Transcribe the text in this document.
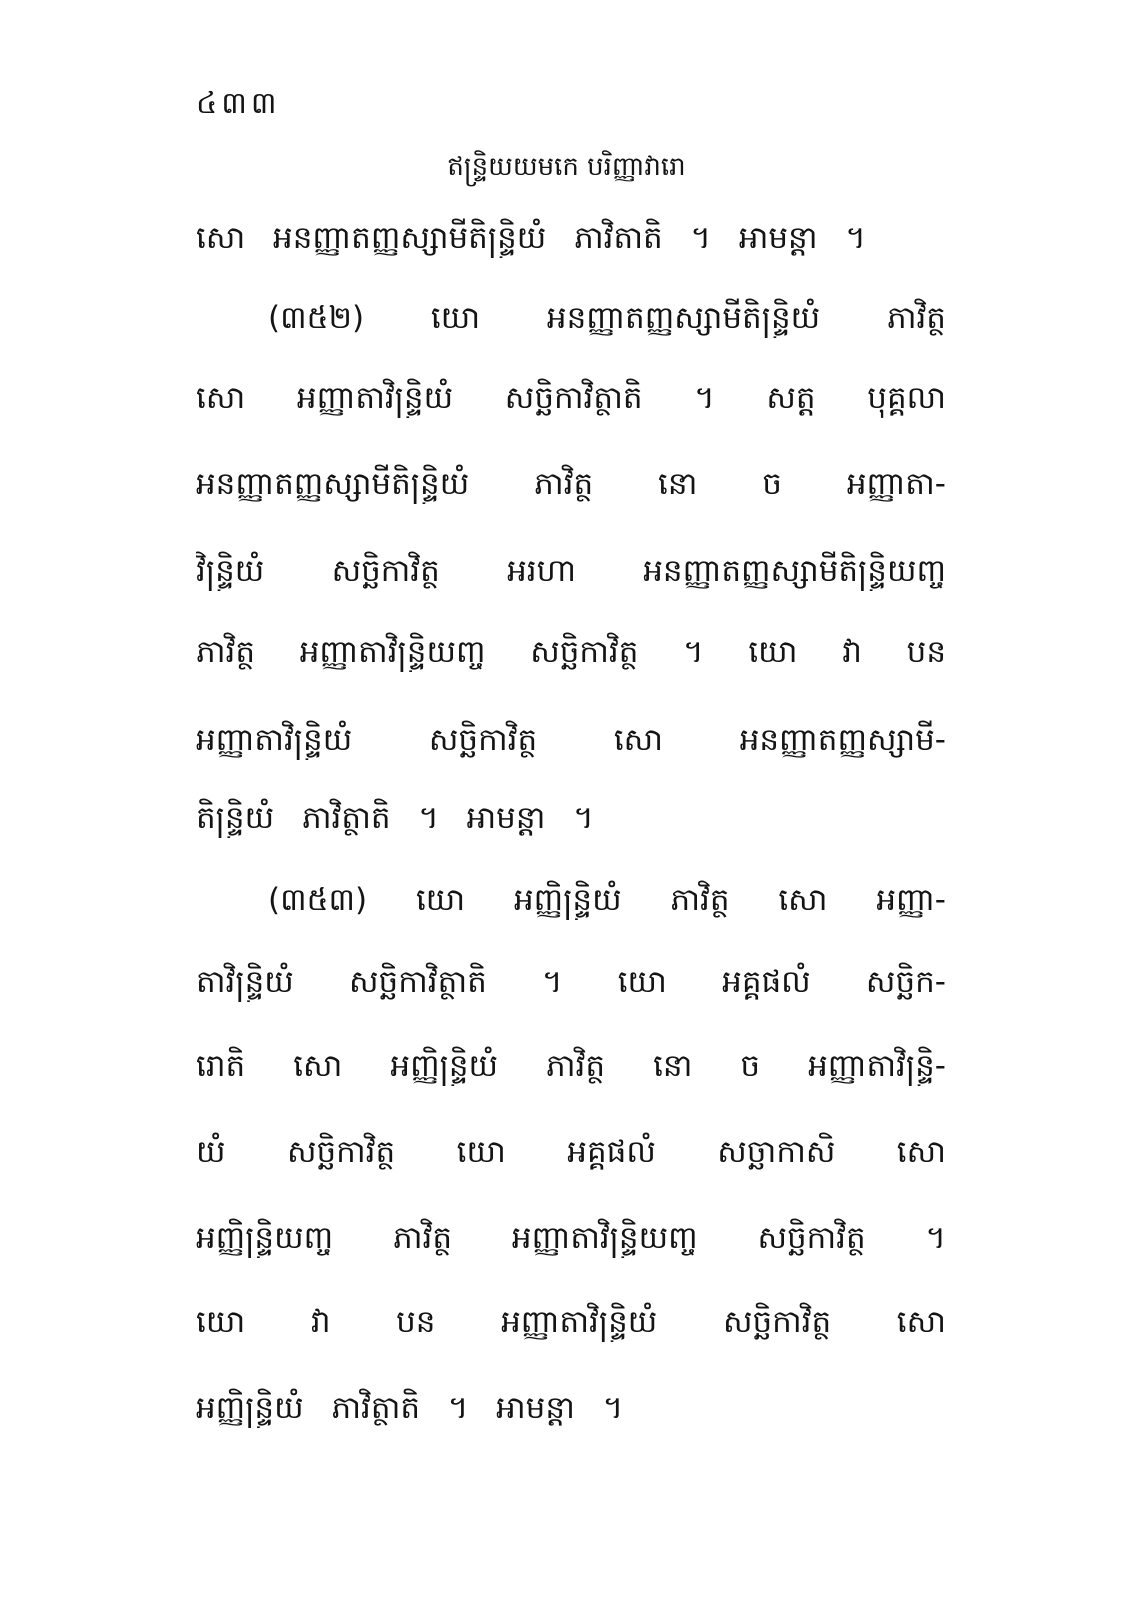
៤៣៣
ឥន្ទ្រិយយមកេ បរិញ្ញាវារោ
សោ អនញ្ញាតញ្ញស្សាមីតិន្ទ្រិយំ ភាវិតាតិ ។ អាមន្តា ។
(៣៥២) យោ អនញ្ញាតញ្ញស្សាមីតិន្ទ្រិយំ ភាវិត្ថ
សោ អញ្ញាតាវិន្ទ្រិយំ សច្ឆិកាវិត្ថាតិ ។ សត្ត បុគ្គលា
អនញ្ញាតញ្ញស្សាមីតិន្ទ្រិយំ ភាវិត្ថ នោ ច អញ្ញាតា-
វិន្ទ្រិយំ សច្ឆិកាវិត្ថ អរហា អនញ្ញាតញ្ញស្សាមីតិន្ទ្រិយញ្ច
ភាវិត្ថ អញ្ញាតាវិន្ទ្រិយញ្ច សច្ឆិកាវិត្ថ ។ យោ វា បន
អញ្ញាតាវិន្ទ្រិយំ សច្ឆិកាវិត្ថ សោ អនញ្ញាតញ្ញស្សាមី-
តិន្ទ្រិយំ ភាវិត្ថាតិ ។ អាមន្តា ។
(៣៥៣) យោ អញ្ញិន្ទ្រិយំ ភាវិត្ថ សោ អញ្ញា-
តាវិន្ទ្រិយំ សច្ឆិកាវិត្ថាតិ ។ យោ អគ្គផលំ សច្ឆិក-
រោតិ សោ អញ្ញិន្ទ្រិយំ ភាវិត្ថ នោ ច អញ្ញាតាវិន្ទ្រិ-
យំ សច្ឆិកាវិត្ថ យោ អគ្គផលំ សច្ឆាកាសិ សោ
អញ្ញិន្ទ្រិយញ្ច ភាវិត្ថ អញ្ញាតាវិន្ទ្រិយញ្ច សច្ឆិកាវិត្ថ ។
យោ វា បន អញ្ញាតាវិន្ទ្រិយំ សច្ឆិកាវិត្ថ សោ
អញ្ញិន្ទ្រិយំ ភាវិត្ថាតិ ។ អាមន្តា ។
